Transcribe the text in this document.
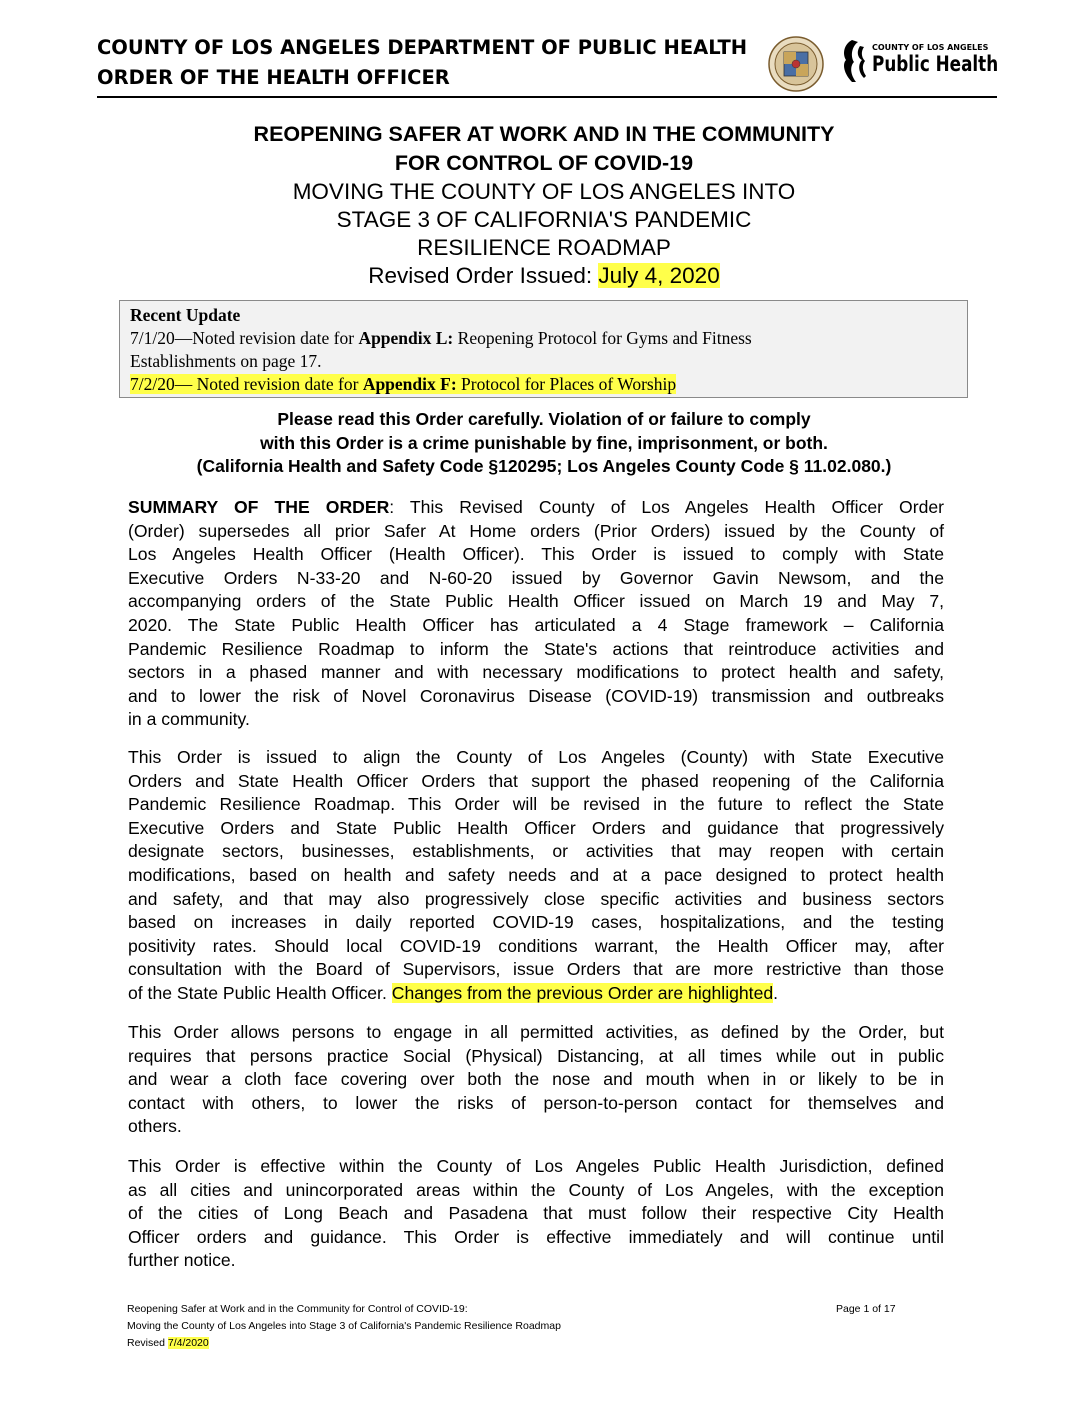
COUNTY OF LOS ANGELES DEPARTMENT OF PUBLIC HEALTH
ORDER OF THE HEALTH OFFICER
COUNTY OF LOS ANGELES
Public Health
REOPENING SAFER AT WORK AND IN THE COMMUNITY
FOR CONTROL OF COVID-19
MOVING THE COUNTY OF LOS ANGELES INTO
STAGE 3 OF CALIFORNIA'S PANDEMIC
RESILIENCE ROADMAP
Revised Order Issued: July 4, 2020
Recent Update
7/1/20—Noted revision date for Appendix L: Reopening Protocol for Gyms and Fitness
Establishments on page 17.
7/2/20— Noted revision date for Appendix F: Protocol for Places of Worship
Please read this Order carefully. Violation of or failure to comply
with this Order is a crime punishable by fine, imprisonment, or both.
(California Health and Safety Code §120295; Los Angeles County Code § 11.02.080.)
SUMMARY OF THE ORDER: This Revised County of Los Angeles Health Officer Order
(Order) supersedes all prior Safer At Home orders (Prior Orders) issued by the County of
Los Angeles Health Officer (Health Officer). This Order is issued to comply with State
Executive Orders N-33-20 and N-60-20 issued by Governor Gavin Newsom, and the
accompanying orders of the State Public Health Officer issued on March 19 and May 7,
2020. The State Public Health Officer has articulated a 4 Stage framework – California
Pandemic Resilience Roadmap to inform the State's actions that reintroduce activities and
sectors in a phased manner and with necessary modifications to protect health and safety,
and to lower the risk of Novel Coronavirus Disease (COVID-19) transmission and outbreaks
in a community.
This Order is issued to align the County of Los Angeles (County) with State Executive
Orders and State Health Officer Orders that support the phased reopening of the California
Pandemic Resilience Roadmap. This Order will be revised in the future to reflect the State
Executive Orders and State Public Health Officer Orders and guidance that progressively
designate sectors, businesses, establishments, or activities that may reopen with certain
modifications, based on health and safety needs and at a pace designed to protect health
and safety, and that may also progressively close specific activities and business sectors
based on increases in daily reported COVID-19 cases, hospitalizations, and the testing
positivity rates. Should local COVID-19 conditions warrant, the Health Officer may, after
consultation with the Board of Supervisors, issue Orders that are more restrictive than those
of the State Public Health Officer. Changes from the previous Order are highlighted.
This Order allows persons to engage in all permitted activities, as defined by the Order, but
requires that persons practice Social (Physical) Distancing, at all times while out in public
and wear a cloth face covering over both the nose and mouth when in or likely to be in
contact with others, to lower the risks of person-to-person contact for themselves and
others.
This Order is effective within the County of Los Angeles Public Health Jurisdiction, defined
as all cities and unincorporated areas within the County of Los Angeles, with the exception
of the cities of Long Beach and Pasadena that must follow their respective City Health
Officer orders and guidance. This Order is effective immediately and will continue until
further notice.
Reopening Safer at Work and in the Community for Control of COVID-19:
Moving the County of Los Angeles into Stage 3 of California's Pandemic Resilience Roadmap
Revised 7/4/2020
Page 1 of 17
